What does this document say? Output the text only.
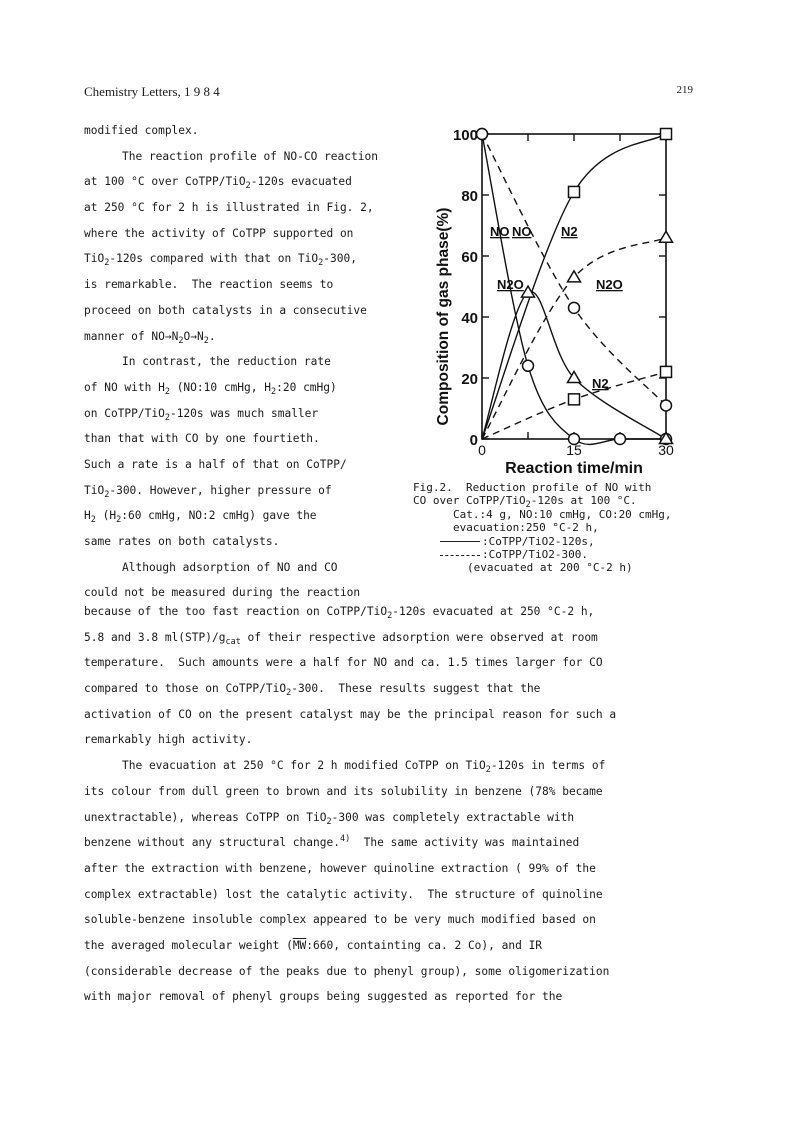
Chemistry Letters, 1 9 8 4	219
modified complex.
The reaction profile of NO-CO reaction
at 100 °C over CoTPP/TiO$_2$-120s evacuated
at 250 °C for 2 h is illustrated in Fig. 2,
where the activity of CoTPP supported on
TiO$_2$-120s compared with that on TiO$_2$-300,
is remarkable.  The reaction seems to
proceed on both catalysts in a consecutive
manner of $NO\to N_2O\to N_2$.
In contrast, the reduction rate
of NO with $H_2$ (NO:10 cmHg, $H_2:20$ cmHg)
on CoTPP/TiO$_2$-120s was much smaller
than that with CO by one fourtieth.
Such a rate is a half of that on CoTPP/
TiO$_2$-300. However, higher pressure of
$H_2$ ($H_2:60$ cmHg, NO:2 cmHg) gave the
same rates on both catalysts.
Although adsorption of NO and CO
could not be measured during the reaction
because of the too fast reaction on CoTPP/TiO$_2$-120s evacuated at 250 °C-2 h,
5.8 and 3.8 $ml(STP)/g_{cat}$ of their respective adsorption were observed at room
temperature.  Such amounts were a half for NO and ca. 1.5 times larger for CO
compared to those on CoTPP/TiO$_2$-300.  These results suggest that the
activation of CO on the present catalyst may be the principal reason for such a
remarkably high activity.
The evacuation at 250 °C for 2 h modified CoTPP on TiO$_2$-120s in terms of
its colour from dull green to brown and its solubility in benzene (78% became
unextractable), whereas CoTPP on TiO$_2$-300 was completely extractable with
benzene without any structural change.$^{4)}$  The same activity was maintained
after the extraction with benzene, however quinoline extraction ( 99% of the
complex extractable) lost the catalytic activity.  The structure of quinoline
soluble-benzene insoluble complex appeared to be very much modified based on
the averaged molecular weight ($\overline{MW}:660$, containting ca. 2 Co), and IR
(considerable decrease of the peaks due to phenyl group), some oligomerization
with major removal of phenyl groups being suggested as reported for the
0
20
40
60
80
100
0	15	30
Reaction time/min
Composition of gas phase(%)	NO NO N2
N2O	N2O
N2
Fig.2.  Reduction profile of NO with
CO over CoTPP/TiO$_2$-120s at 100 °C.
Cat.:4 g, NO:10 cmHg, CO:20 cmHg,
evacuation:250 °C-2 h,
:CoTPP/TiO2-120s,
:CoTPP/TiO2-300.
(evacuated at 200 °C-2 h)
